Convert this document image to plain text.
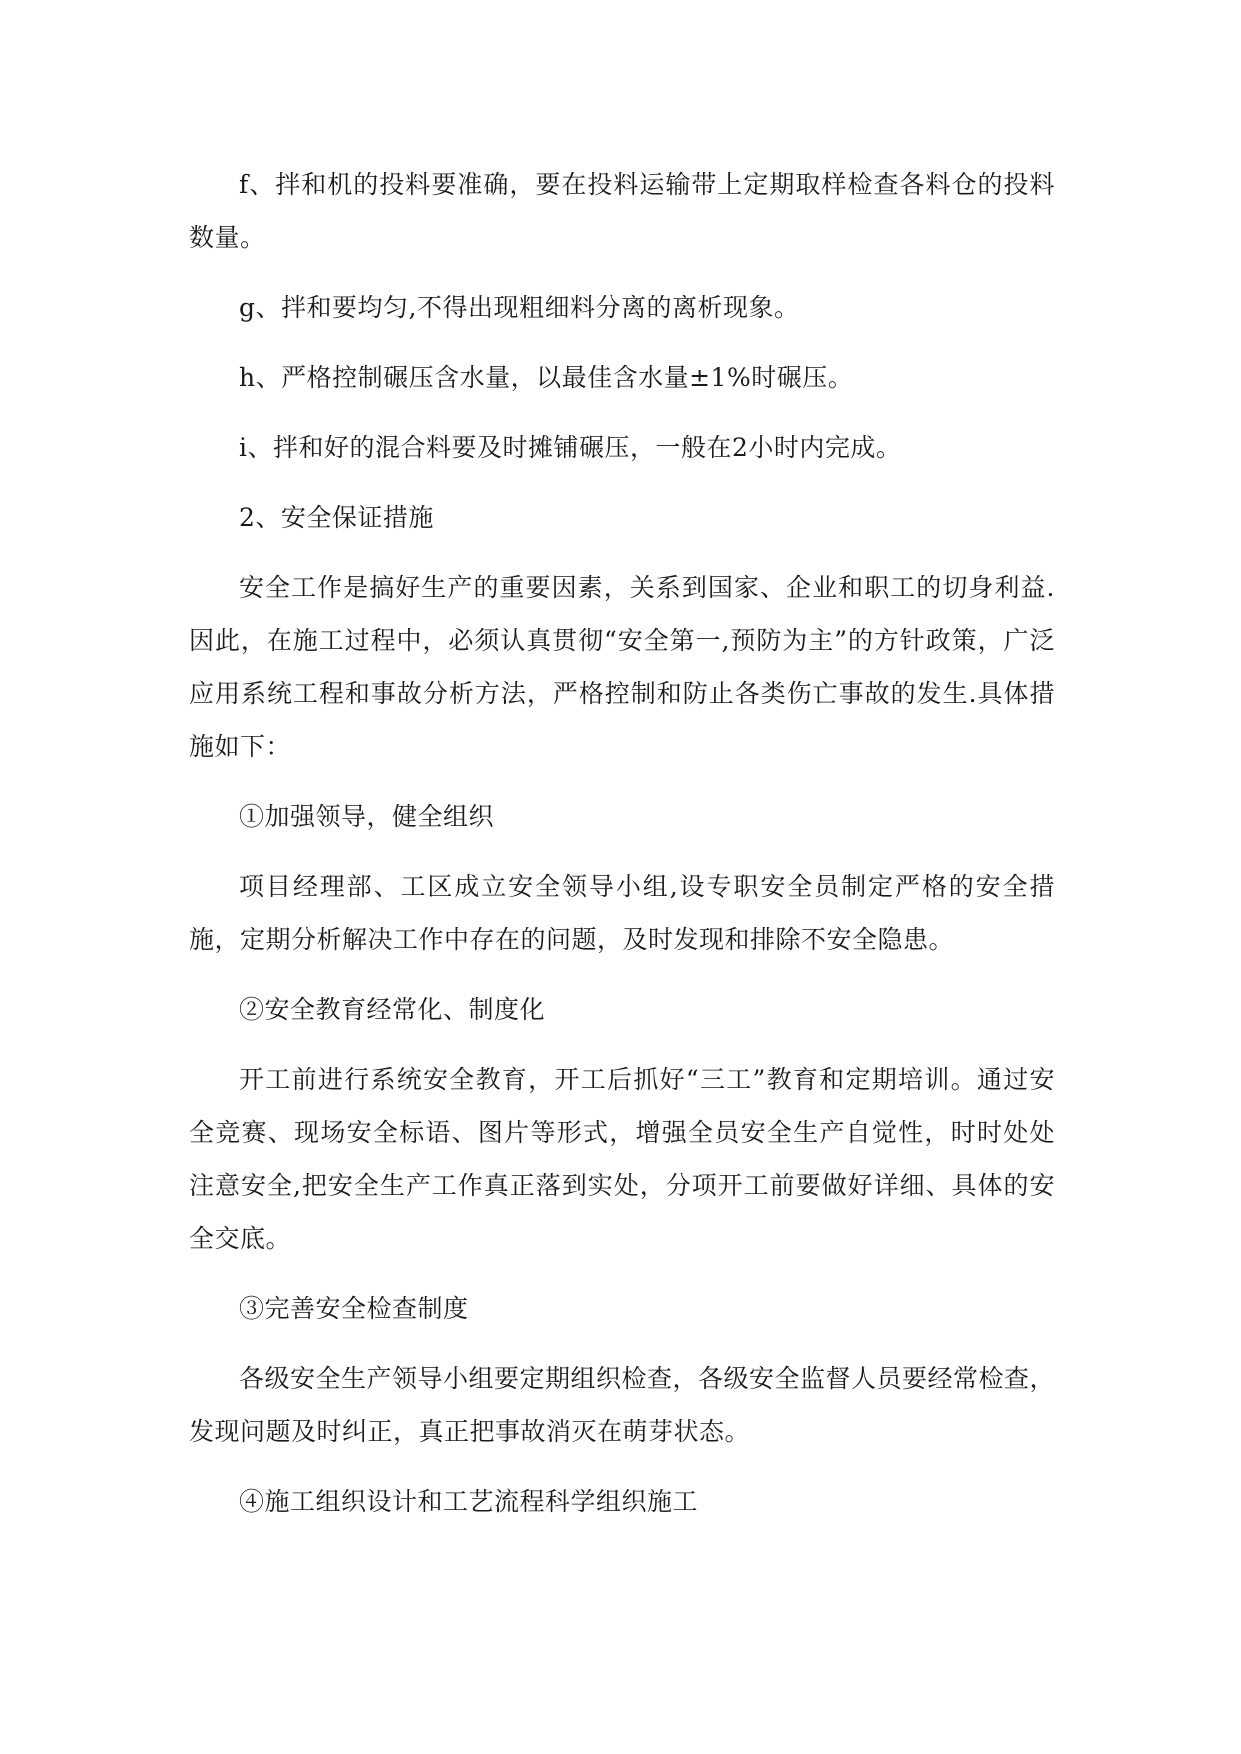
f、拌和机的投料要准确，要在投料运输带上定期取样检查各料仓的投料数量。

g、拌和要均匀,不得出现粗细料分离的离析现象。

h、严格控制碾压含水量，以最佳含水量±1%时碾压。

i、拌和好的混合料要及时摊铺碾压，一般在2小时内完成。

2、安全保证措施

安全工作是搞好生产的重要因素，关系到国家、企业和职工的切身利益.因此，在施工过程中，必须认真贯彻“安全第一,预防为主”的方针政策，广泛应用系统工程和事故分析方法，严格控制和防止各类伤亡事故的发生.具体措施如下：

①加强领导，健全组织

项目经理部、工区成立安全领导小组,设专职安全员制定严格的安全措施，定期分析解决工作中存在的问题，及时发现和排除不安全隐患。

②安全教育经常化、制度化

开工前进行系统安全教育，开工后抓好“三工”教育和定期培训。通过安全竞赛、现场安全标语、图片等形式，增强全员安全生产自觉性，时时处处注意安全,把安全生产工作真正落到实处，分项开工前要做好详细、具体的安全交底。

③完善安全检查制度

各级安全生产领导小组要定期组织检查，各级安全监督人员要经常检查，发现问题及时纠正，真正把事故消灭在萌芽状态。

④施工组织设计和工艺流程科学组织施工
